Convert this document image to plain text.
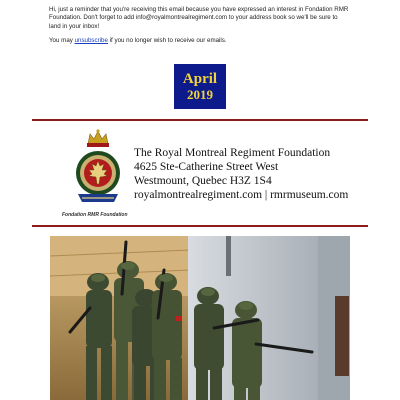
Hi, just a reminder that you're receiving this email because you have expressed an interest in Fondation RMR Foundation. Don't forget to add info@royalmontrealregiment.com to your address book so we'll be sure to land in your inbox!

You may unsubscribe if you no longer wish to receive our emails.

April
2019
Fondation RMR Foundation
The Royal Montreal Regiment Foundation
4625 Ste-Catherine Street West
Westmount, Quebec H3Z 1S4
royalmontrealregiment.com | rmrmuseum.com
